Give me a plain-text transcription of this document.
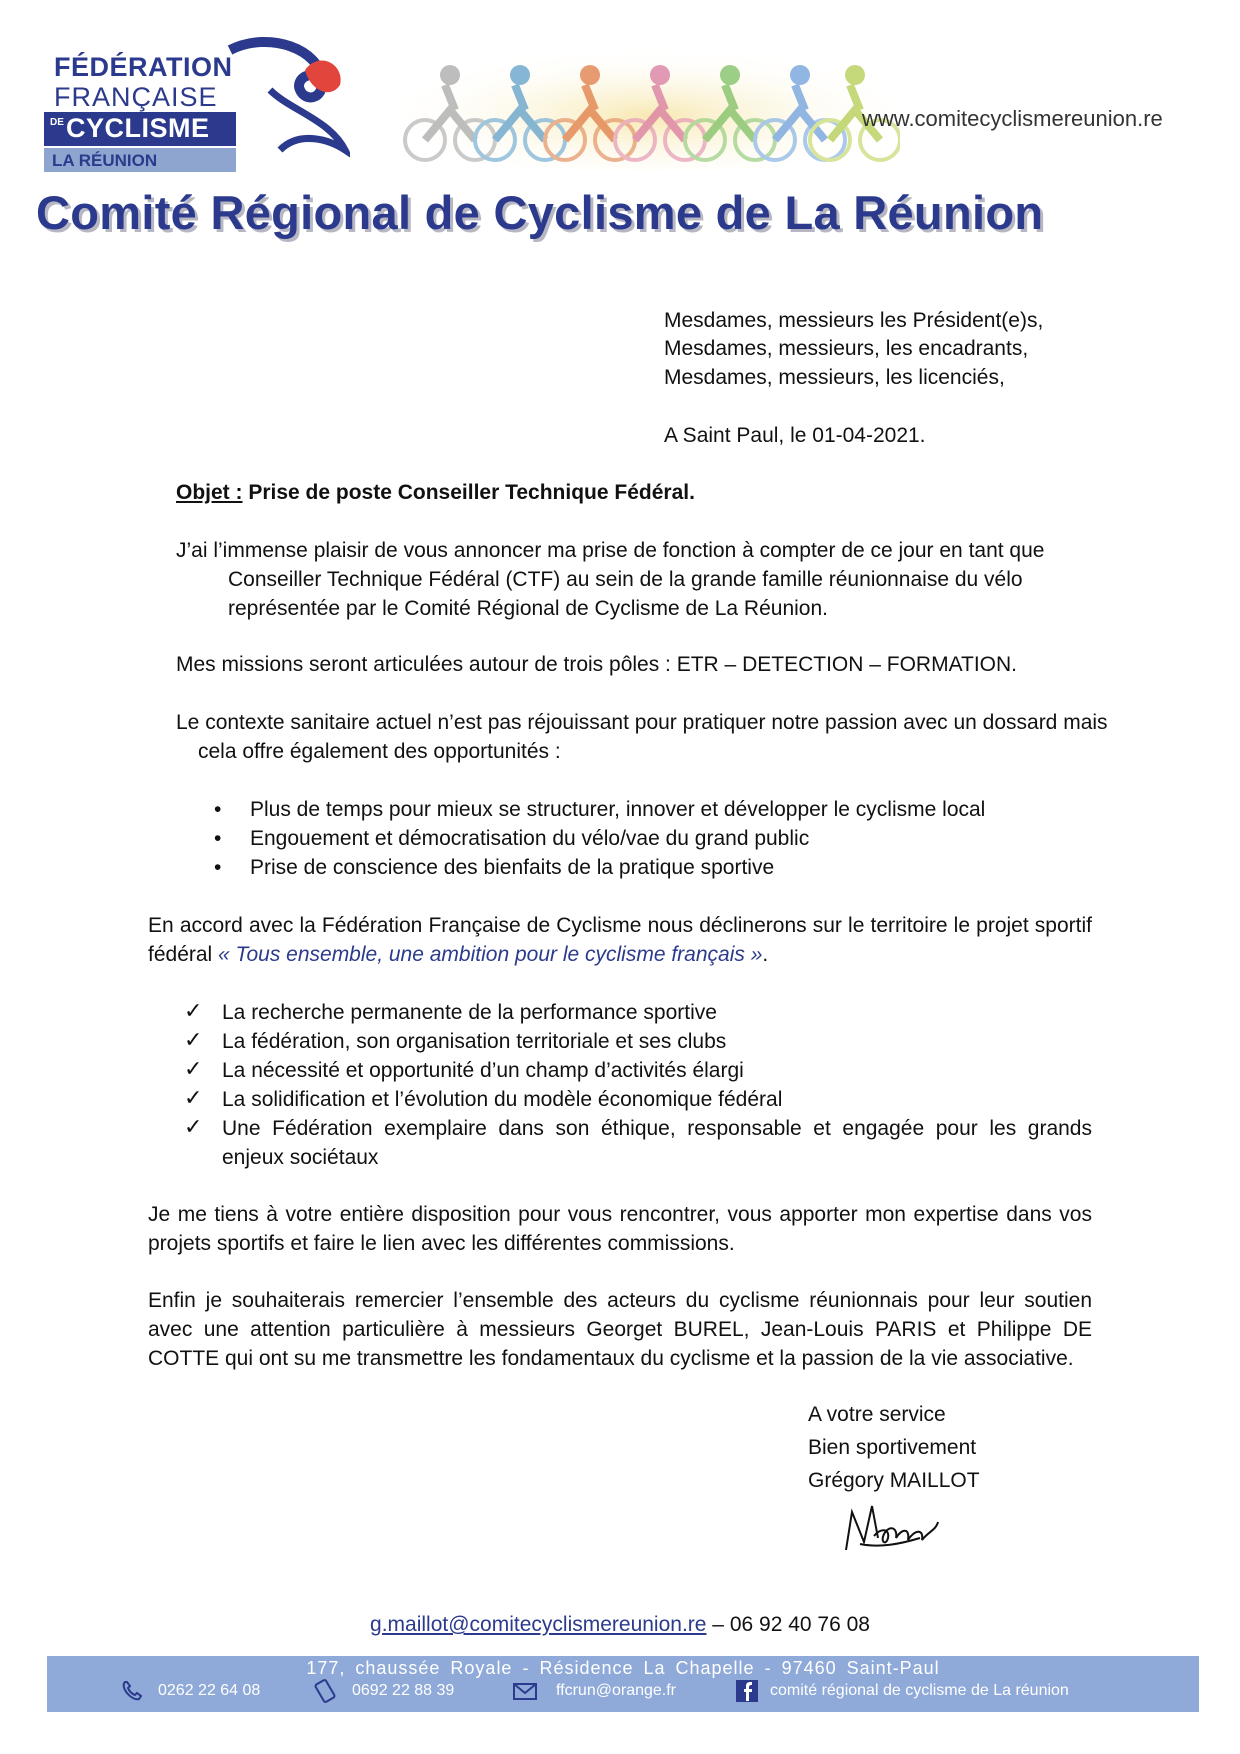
FÉDÉRATION
FRANÇAISE
DE CYCLISME
LA RÉUNION
www.comitecyclismereunion.re
Comité Régional de Cyclisme de La Réunion
Mesdames, messieurs les Président(e)s,
Mesdames, messieurs, les encadrants,
Mesdames, messieurs, les licenciés,
A Saint Paul, le 01-04-2021.
Objet : Prise de poste Conseiller Technique Fédéral.
J’ai l’immense plaisir de vous annoncer ma prise de fonction à compter de ce jour en tant que Conseiller Technique Fédéral (CTF) au sein de la grande famille réunionnaise du vélo représentée par le Comité Régional de Cyclisme de La Réunion.
Mes missions seront articulées autour de trois pôles : ETR – DETECTION – FORMATION.
Le contexte sanitaire actuel n’est pas réjouissant pour pratiquer notre passion avec un dossard mais cela offre également des opportunités :
• Plus de temps pour mieux se structurer, innover et développer le cyclisme local
• Engouement et démocratisation du vélo/vae du grand public
• Prise de conscience des bienfaits de la pratique sportive
En accord avec la Fédération Française de Cyclisme nous déclinerons sur le territoire le projet sportif fédéral « Tous ensemble, une ambition pour le cyclisme français ».
✓ La recherche permanente de la performance sportive
✓ La fédération, son organisation territoriale et ses clubs
✓ La nécessité et opportunité d’un champ d’activités élargi
✓ La solidification et l’évolution du modèle économique fédéral
✓ Une Fédération exemplaire dans son éthique, responsable et engagée pour les grands enjeux sociétaux
Je me tiens à votre entière disposition pour vous rencontrer, vous apporter mon expertise dans vos projets sportifs et faire le lien avec les différentes commissions.
Enfin je souhaiterais remercier l’ensemble des acteurs du cyclisme réunionnais pour leur soutien avec une attention particulière à messieurs Georget BUREL, Jean-Louis PARIS et Philippe DE COTTE qui ont su me transmettre les fondamentaux du cyclisme et la passion de la vie associative.
A votre service
Bien sportivement
Grégory MAILLOT
g.maillot@comitecyclismereunion.re – 06 92 40 76 08
177, chaussée Royale - Résidence La Chapelle - 97460 Saint-Paul
0262 22 64 08	0692 22 88 39	ffcrun@orange.fr	comité régional de cyclisme de La réunion
